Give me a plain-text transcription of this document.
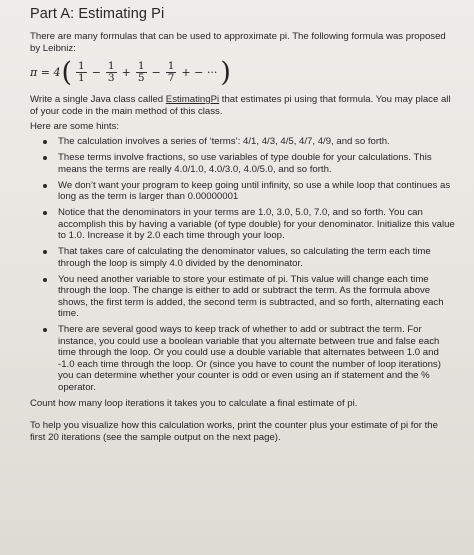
Part A: Estimating Pi

There are many formulas that can be used to approximate pi. The following formula was proposed by Leibniz:

π = 4 ( $\frac{1}{1} - \frac{1}{3} + \frac{1}{5} - \frac{1}{7}$ + − ··· )

Write a single Java class called EstimatingPi that estimates pi using that formula. You may place all of your code in the main method of this class.

Here are some hints:

The calculation involves a series of ‘terms’: 4/1, 4/3, 4/5, 4/7, 4/9, and so forth.
These terms involve fractions, so use variables of type double for your calculations. This means the terms are really 4.0/1.0, 4.0/3.0, 4.0/5.0, and so forth.
We don’t want your program to keep going until infinity, so use a while loop that continues as long as the term is larger than 0.00000001
Notice that the denominators in your terms are 1.0, 3.0, 5.0, 7.0, and so forth. You can accomplish this by having a variable (of type double) for your denominator. Initialize this value to 1.0. Increase it by 2.0 each time through your loop.
That takes care of calculating the denominator values, so calculating the term each time through the loop is simply 4.0 divided by the denominator.
You need another variable to store your estimate of pi. This value will change each time through the loop. The change is either to add or subtract the term. As the formula above shows, the first term is added, the second term is subtracted, and so forth, alternating each time.
There are several good ways to keep track of whether to add or subtract the term. For instance, you could use a boolean variable that you alternate between true and false each time through the loop. Or you could use a double variable that alternates between 1.0 and -1.0 each time through the loop. Or (since you have to count the number of loop iterations) you can determine whether your counter is odd or even using an if statement and the % operator.

Count how many loop iterations it takes you to calculate a final estimate of pi.

To help you visualize how this calculation works, print the counter plus your estimate of pi for the first 20 iterations (see the sample output on the next page).
